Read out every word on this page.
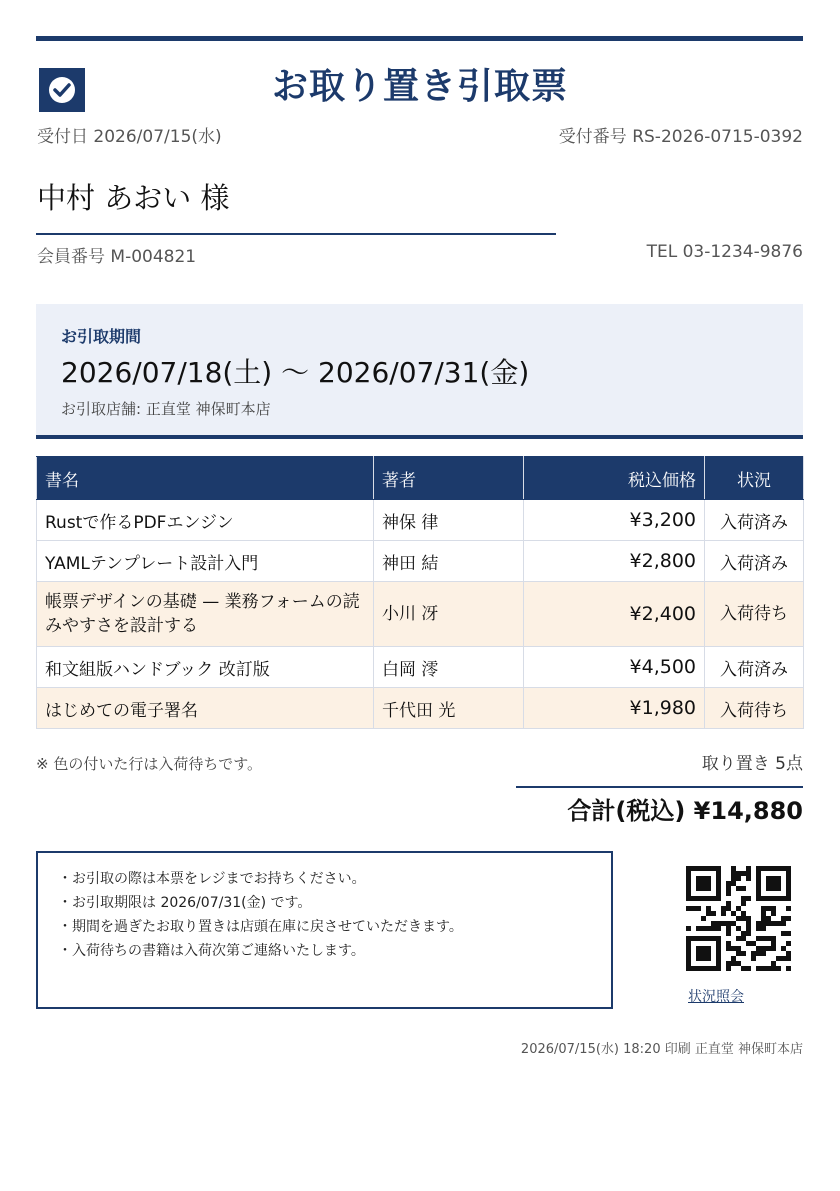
お取り置き引取票
受付日 2026/07/15(水)	受付番号 RS-2026-0715-0392
中村 あおい 様
会員番号 M-004821	TEL 03-1234-9876
お引取期間
2026/07/18(土) 〜 2026/07/31(金)
お引取店舗: 正直堂 神保町本店
書名	著者	税込価格	状況
Rustで作るPDFエンジン	神保 律	¥3,200	入荷済み
YAMLテンプレート設計入門	神田 結	¥2,800	入荷済み
帳票デザインの基礎 — 業務フォームの読みやすさを設計する	小川 冴	¥2,400	入荷待ち
和文組版ハンドブック 改訂版	白岡 澪	¥4,500	入荷済み
はじめての電子署名	千代田 光	¥1,980	入荷待ち
※ 色の付いた行は入荷待ちです。	取り置き 5点
合計(税込) ¥14,880
・お引取の際は本票をレジまでお持ちください。
・お引取期限は 2026/07/31(金) です。
・期間を過ぎたお取り置きは店頭在庫に戻させていただきます。
・入荷待ちの書籍は入荷次第ご連絡いたします。
状況照会
2026/07/15(水) 18:20 印刷 正直堂 神保町本店
